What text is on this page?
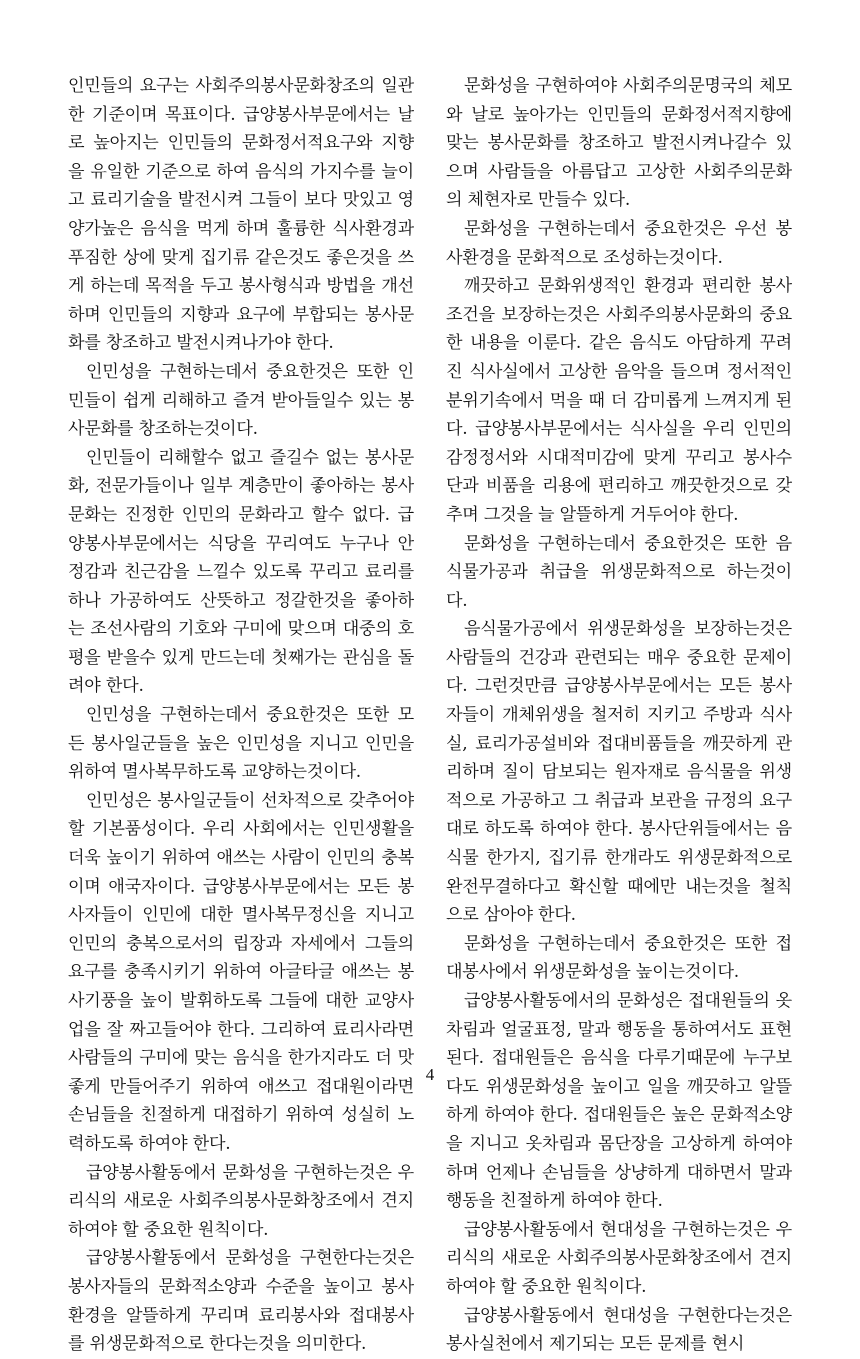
인민들의 요구는 사회주의봉사문화창조의 일관한 기준이며 목표이다. 급양봉사부문에서는 날로 높아지는 인민들의 문화정서적요구와 지향을 유일한 기준으로 하여 음식의 가지수를 늘이고 료리기술을 발전시켜 그들이 보다 맛있고 영양가높은 음식을 먹게 하며 훌륭한 식사환경과 푸짐한 상에 맞게 집기류 같은것도 좋은것을 쓰게 하는데 목적을 두고 봉사형식과 방법을 개선하며 인민들의 지향과 요구에 부합되는 봉사문화를 창조하고 발전시켜나가야 한다.

인민성을 구현하는데서 중요한것은 또한 인민들이 쉽게 리해하고 즐겨 받아들일수 있는 봉사문화를 창조하는것이다.

인민들이 리해할수 없고 즐길수 없는 봉사문화, 전문가들이나 일부 계층만이 좋아하는 봉사문화는 진정한 인민의 문화라고 할수 없다. 급양봉사부문에서는 식당을 꾸리여도 누구나 안정감과 친근감을 느낄수 있도록 꾸리고 료리를 하나 가공하여도 산뜻하고 정갈한것을 좋아하는 조선사람의 기호와 구미에 맞으며 대중의 호평을 받을수 있게 만드는데 첫째가는 관심을 돌려야 한다.

인민성을 구현하는데서 중요한것은 또한 모든 봉사일군들을 높은 인민성을 지니고 인민을 위하여 멸사복무하도록 교양하는것이다.

인민성은 봉사일군들이 선차적으로 갖추어야 할 기본품성이다. 우리 사회에서는 인민생활을 더욱 높이기 위하여 애쓰는 사람이 인민의 충복이며 애국자이다. 급양봉사부문에서는 모든 봉사자들이 인민에 대한 멸사복무정신을 지니고 인민의 충복으로서의 립장과 자세에서 그들의 요구를 충족시키기 위하여 아글타글 애쓰는 봉사기풍을 높이 발휘하도록 그들에 대한 교양사업을 잘 짜고들어야 한다. 그리하여 료리사라면 사람들의 구미에 맞는 음식을 한가지라도 더 맛좋게 만들어주기 위하여 애쓰고 접대원이라면 손님들을 친절하게 대접하기 위하여 성실히 노력하도록 하여야 한다.

급양봉사활동에서 문화성을 구현하는것은 우리식의 새로운 사회주의봉사문화창조에서 견지하여야 할 중요한 원칙이다.

급양봉사활동에서 문화성을 구현한다는것은 봉사자들의 문화적소양과 수준을 높이고 봉사환경을 알뜰하게 꾸리며 료리봉사와 접대봉사를 위생문화적으로 한다는것을 의미한다.

문화성을 구현하여야 사회주의문명국의 체모와 날로 높아가는 인민들의 문화정서적지향에 맞는 봉사문화를 창조하고 발전시켜나갈수 있으며 사람들을 아름답고 고상한 사회주의문화의 체현자로 만들수 있다.

문화성을 구현하는데서 중요한것은 우선 봉사환경을 문화적으로 조성하는것이다.

깨끗하고 문화위생적인 환경과 편리한 봉사조건을 보장하는것은 사회주의봉사문화의 중요한 내용을 이룬다. 같은 음식도 아담하게 꾸려진 식사실에서 고상한 음악을 들으며 정서적인 분위기속에서 먹을 때 더 감미롭게 느껴지게 된다. 급양봉사부문에서는 식사실을 우리 인민의 감정정서와 시대적미감에 맞게 꾸리고 봉사수단과 비품을 리용에 편리하고 깨끗한것으로 갖추며 그것을 늘 알뜰하게 거두어야 한다.

문화성을 구현하는데서 중요한것은 또한 음식물가공과 취급을 위생문화적으로 하는것이다.

음식물가공에서 위생문화성을 보장하는것은 사람들의 건강과 관련되는 매우 중요한 문제이다. 그런것만큼 급양봉사부문에서는 모든 봉사자들이 개체위생을 철저히 지키고 주방과 식사실, 료리가공설비와 접대비품들을 깨끗하게 관리하며 질이 담보되는 원자재로 음식물을 위생적으로 가공하고 그 취급과 보관을 규정의 요구대로 하도록 하여야 한다. 봉사단위들에서는 음식물 한가지, 집기류 한개라도 위생문화적으로 완전무결하다고 확신할 때에만 내는것을 철칙으로 삼아야 한다.

문화성을 구현하는데서 중요한것은 또한 접대봉사에서 위생문화성을 높이는것이다.

급양봉사활동에서의 문화성은 접대원들의 옷차림과 얼굴표정, 말과 행동을 통하여서도 표현된다. 접대원들은 음식을 다루기때문에 누구보다도 위생문화성을 높이고 일을 깨끗하고 알뜰하게 하여야 한다. 접대원들은 높은 문화적소양을 지니고 옷차림과 몸단장을 고상하게 하여야 하며 언제나 손님들을 상냥하게 대하면서 말과 행동을 친절하게 하여야 한다.

급양봉사활동에서 현대성을 구현하는것은 우리식의 새로운 사회주의봉사문화창조에서 견지하여야 할 중요한 원칙이다.

급양봉사활동에서 현대성을 구현한다는것은 봉사실천에서 제기되는 모든 문제를 현시

4
